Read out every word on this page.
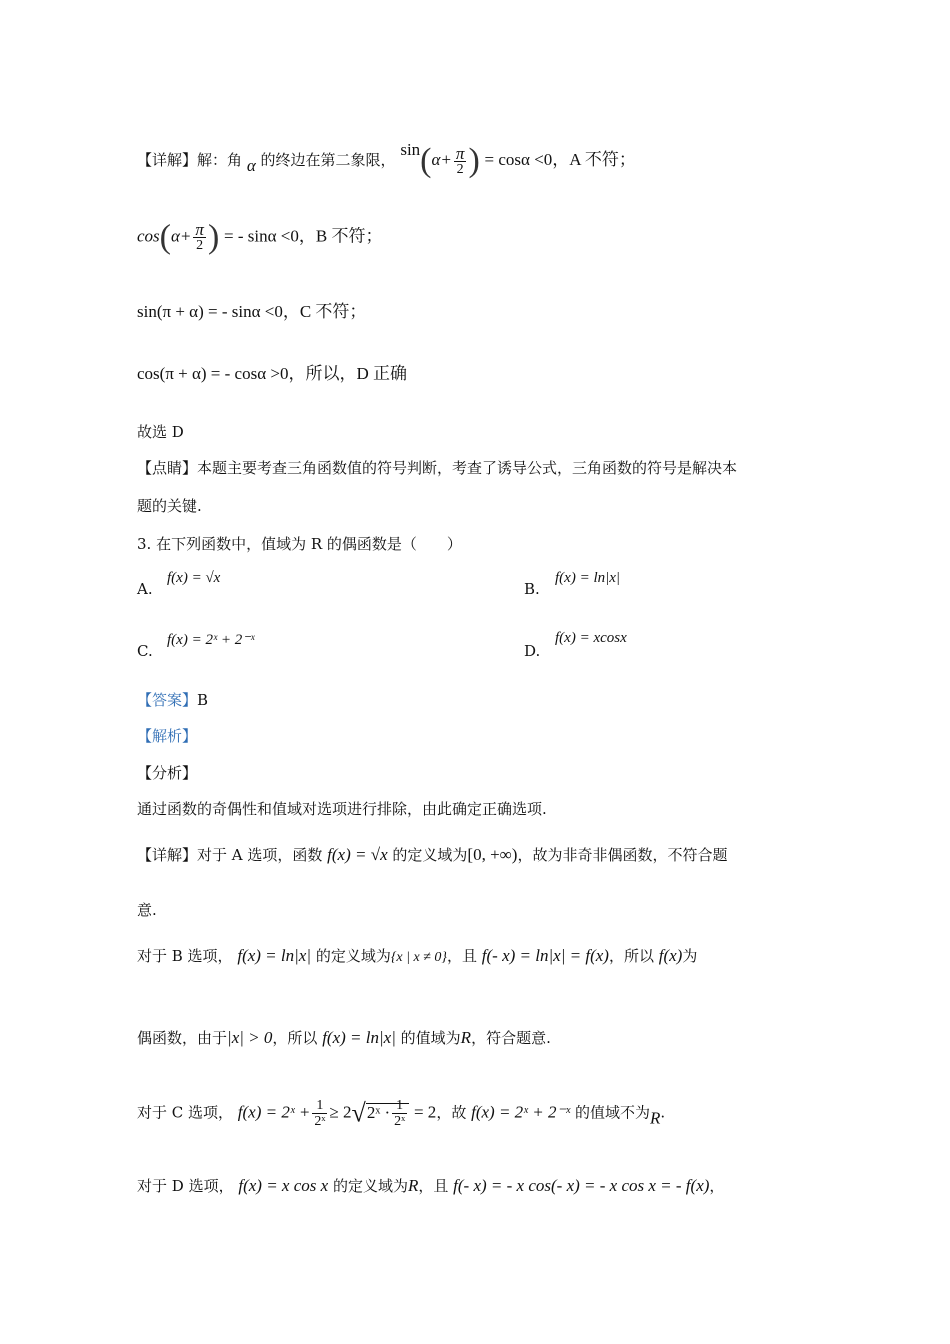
【详解】解：角 α 的终边在第二象限， $\sin(\alpha+ \frac{\pi}{2}$ ) = cosα <0，A 不符；
$\cos(\alpha+ \frac{\pi}{2}$ ) = - sinα <0，B 不符；
sin(π + α) = - sinα <0，C 不符；
cos(π + α) = - cosα >0，所以，D 正确
故选 D
【点睛】本题主要考查三角函数值的符号判断，考查了诱导公式，三角函数的符号是解决本
题的关键.
3. 在下列函数中，值域为 R 的偶函数是（　　）
A.
f(x) = √x
B.
f(x) = ln|x|
C.
f(x) = 2ˣ + 2⁻ˣ
D.
f(x) = xcosx
【答案】B
【解析】
【分析】
通过函数的奇偶性和值域对选项进行排除，由此确定正确选项.
【详解】对于 A 选项，函数 f(x) = √x 的定义域为[0, +∞)，故为非奇非偶函数，不符合题
意.
对于 B 选项， f(x) = ln|x| 的定义域为{x | x ≠ 0}，且 f(- x) = ln|x| = f(x)，所以 f(x)为
偶函数，由于|x| > 0，所以 f(x) = ln|x| 的值域为R，符合题意.
对于 C 选项， f(x) = 2ˣ + $\frac{1}{\text{2ˣ}}$ ≥ 2√2ˣ · $\frac{1}{\text{2ˣ}} = 2$，故 f(x) = 2ˣ + 2⁻ˣ 的值域不为R.
对于 D 选项， f(x) = x cos x 的定义域为R，且 f(- x) = - x cos(- x) = - x cos x = - f(x)，
